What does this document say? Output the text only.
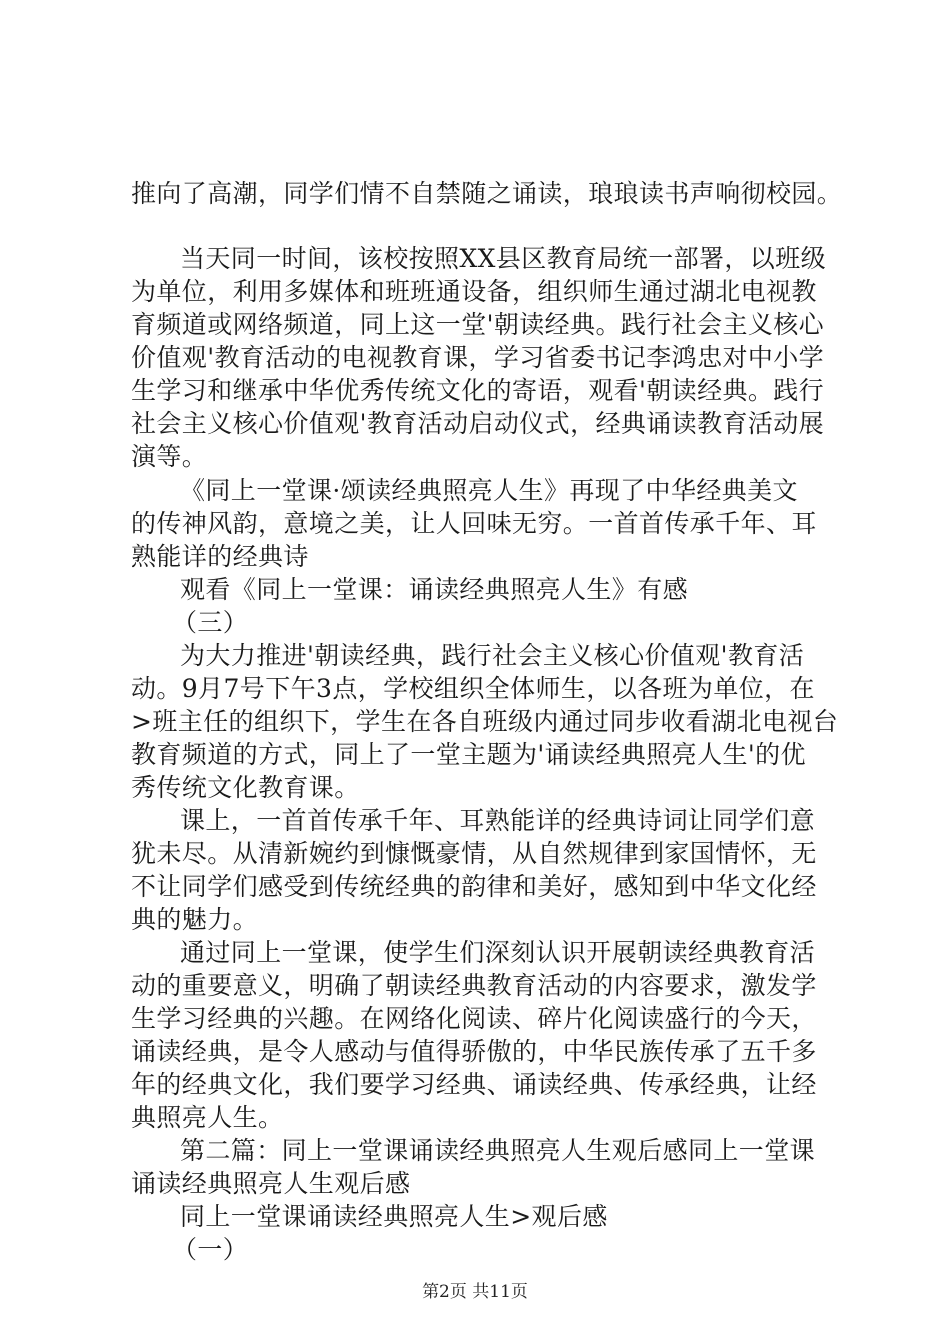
推向了高潮，同学们情不自禁随之诵读，琅琅读书声响彻校园。
当天同一时间，该校按照XX县区教育局统一部署，以班级
为单位，利用多媒体和班班通设备，组织师生通过湖北电视教
育频道或网络频道，同上这一堂'朝读经典。践行社会主义核心
价值观'教育活动的电视教育课，学习省委书记李鸿忠对中小学
生学习和继承中华优秀传统文化的寄语，观看'朝读经典。践行
社会主义核心价值观'教育活动启动仪式，经典诵读教育活动展
演等。
《同上一堂课·颂读经典照亮人生》再现了中华经典美文
的传神风韵，意境之美，让人回味无穷。一首首传承千年、耳
熟能详的经典诗
观看《同上一堂课：诵读经典照亮人生》有感
（三）
为大力推进'朝读经典，践行社会主义核心价值观'教育活
动。9月7号下午3点，学校组织全体师生，以各班为单位，在
>班主任的组织下，学生在各自班级内通过同步收看湖北电视台
教育频道的方式，同上了一堂主题为'诵读经典照亮人生'的优
秀传统文化教育课。
课上，一首首传承千年、耳熟能详的经典诗词让同学们意
犹未尽。从清新婉约到慷慨豪情，从自然规律到家国情怀，无
不让同学们感受到传统经典的韵律和美好，感知到中华文化经
典的魅力。
通过同上一堂课，使学生们深刻认识开展朝读经典教育活
动的重要意义，明确了朝读经典教育活动的内容要求，激发学
生学习经典的兴趣。在网络化阅读、碎片化阅读盛行的今天，
诵读经典，是令人感动与值得骄傲的，中华民族传承了五千多
年的经典文化，我们要学习经典、诵读经典、传承经典，让经
典照亮人生。
第二篇：同上一堂课诵读经典照亮人生观后感同上一堂课
诵读经典照亮人生观后感
同上一堂课诵读经典照亮人生>观后感
（一）
第2页 共11页
